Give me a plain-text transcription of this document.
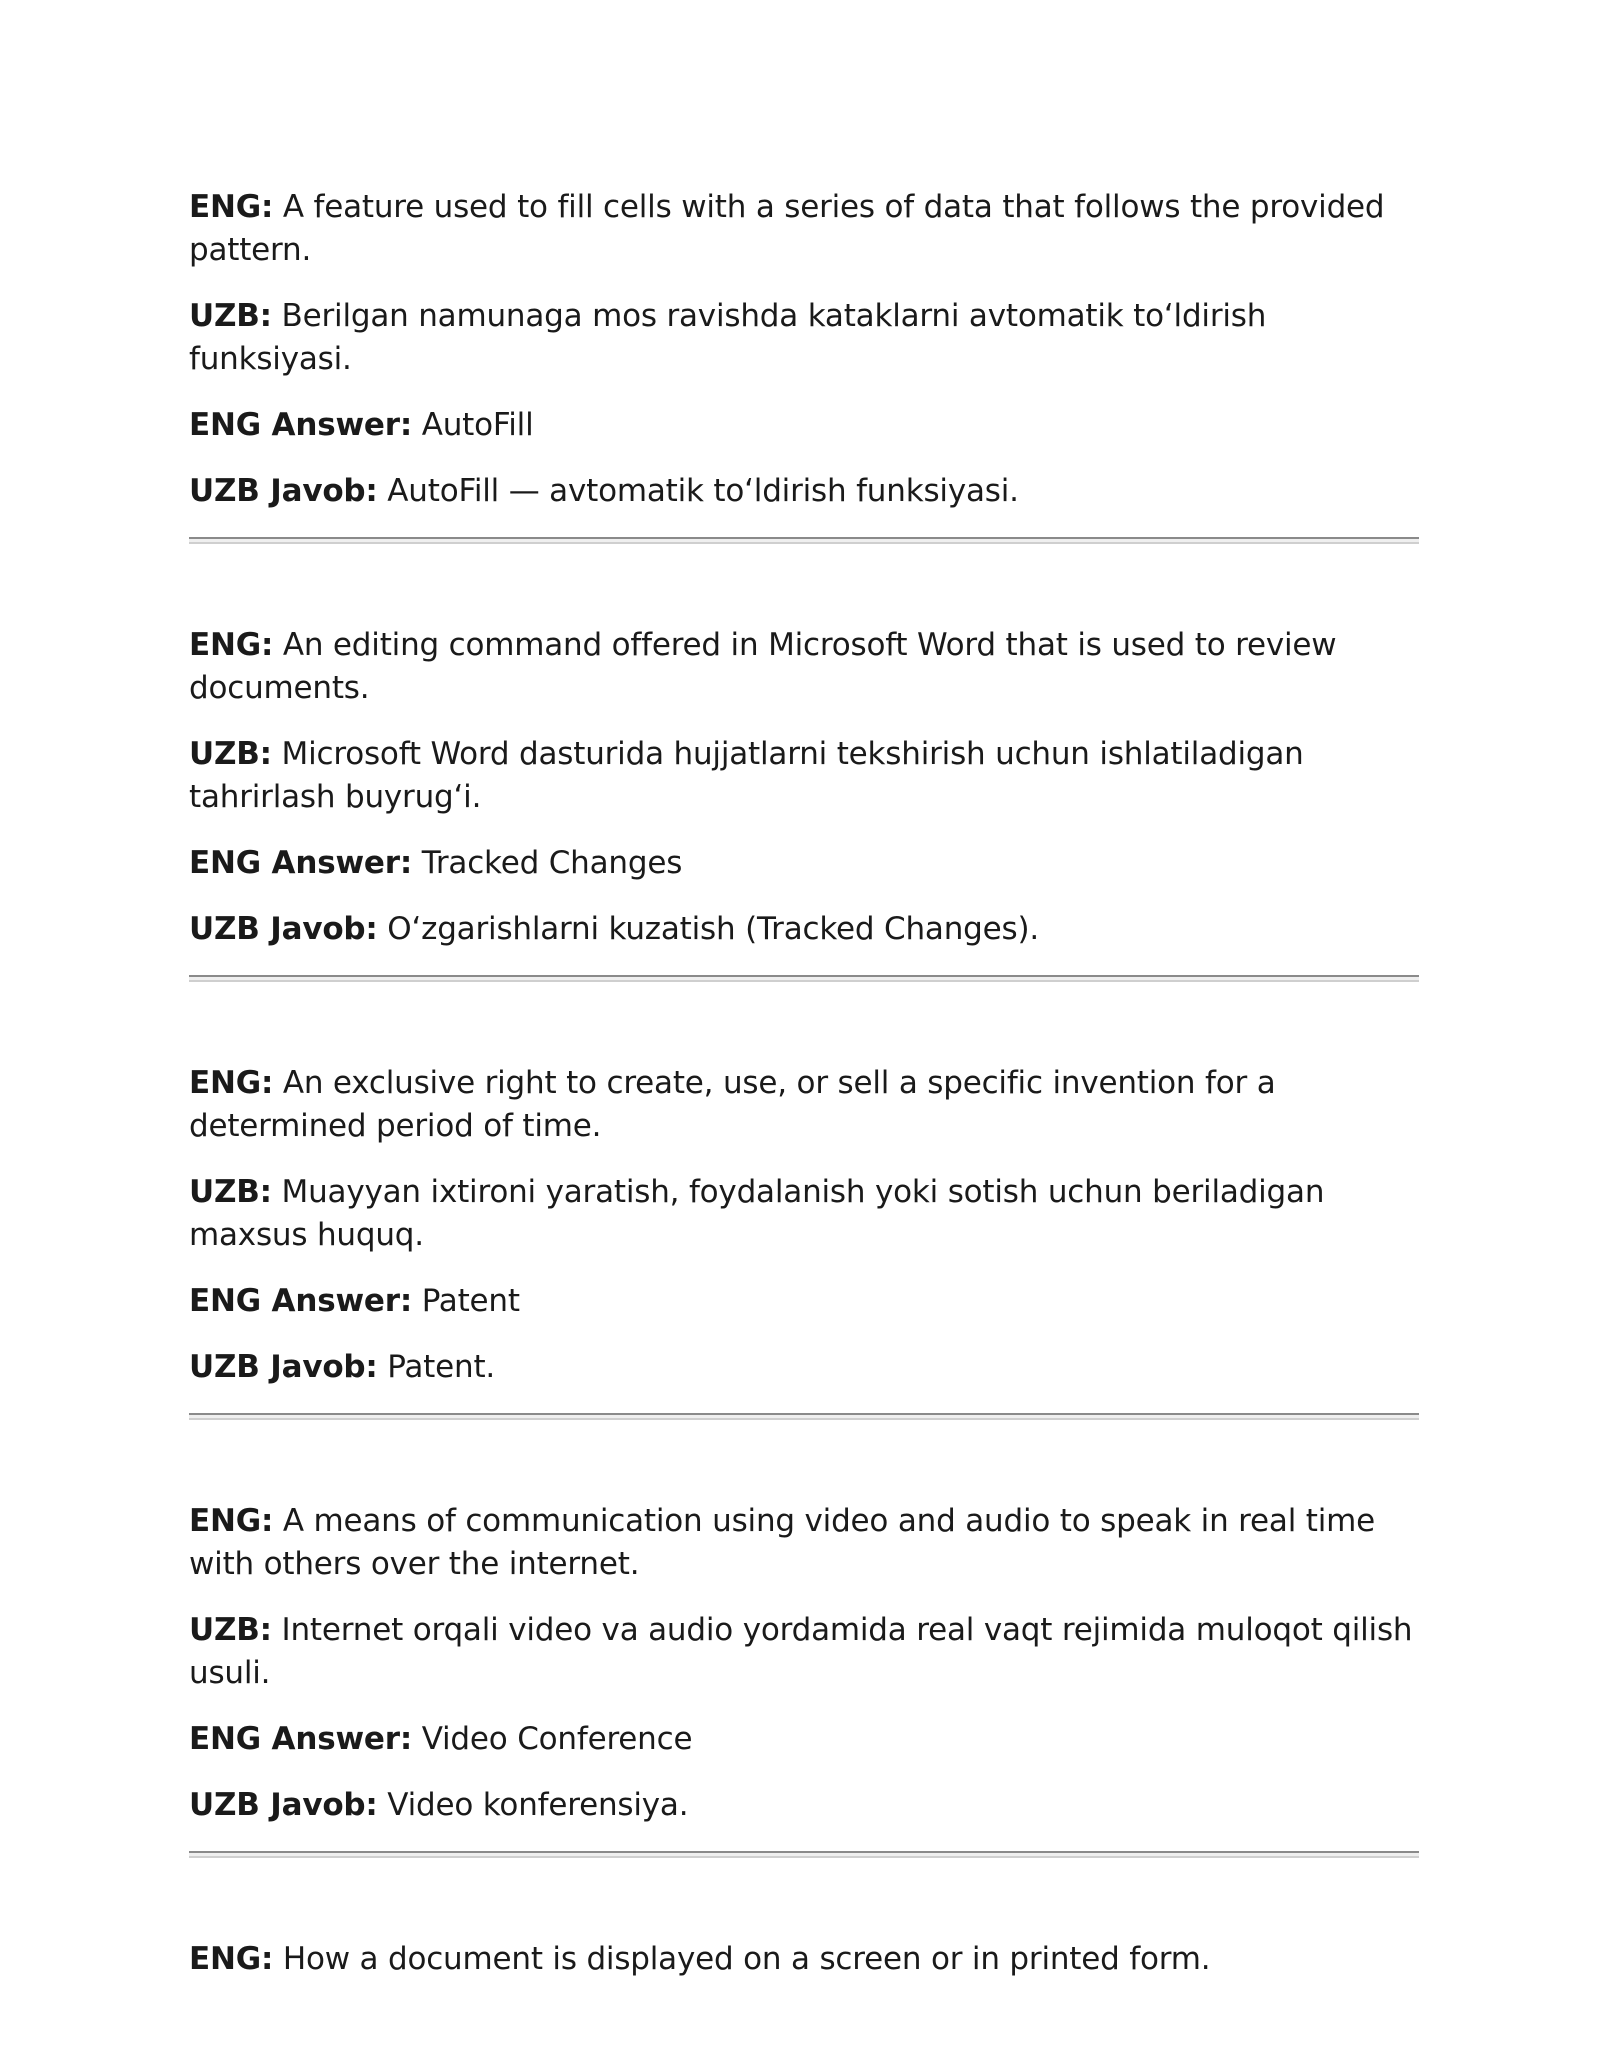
ENG: A feature used to fill cells with a series of data that follows the provided pattern.

UZB: Berilgan namunaga mos ravishda kataklarni avtomatik to‘ldirish funksiyasi.

ENG Answer: AutoFill

UZB Javob: AutoFill — avtomatik to‘ldirish funksiyasi.

ENG: An editing command offered in Microsoft Word that is used to review documents.

UZB: Microsoft Word dasturida hujjatlarni tekshirish uchun ishlatiladigan tahrirlash buyrug‘i.

ENG Answer: Tracked Changes

UZB Javob: O‘zgarishlarni kuzatish (Tracked Changes).

ENG: An exclusive right to create, use, or sell a specific invention for a determined period of time.

UZB: Muayyan ixtironi yaratish, foydalanish yoki sotish uchun beriladigan maxsus huquq.

ENG Answer: Patent

UZB Javob: Patent.

ENG: A means of communication using video and audio to speak in real time with others over the internet.

UZB: Internet orqali video va audio yordamida real vaqt rejimida muloqot qilish usuli.

ENG Answer: Video Conference

UZB Javob: Video konferensiya.

ENG: How a document is displayed on a screen or in printed form.
